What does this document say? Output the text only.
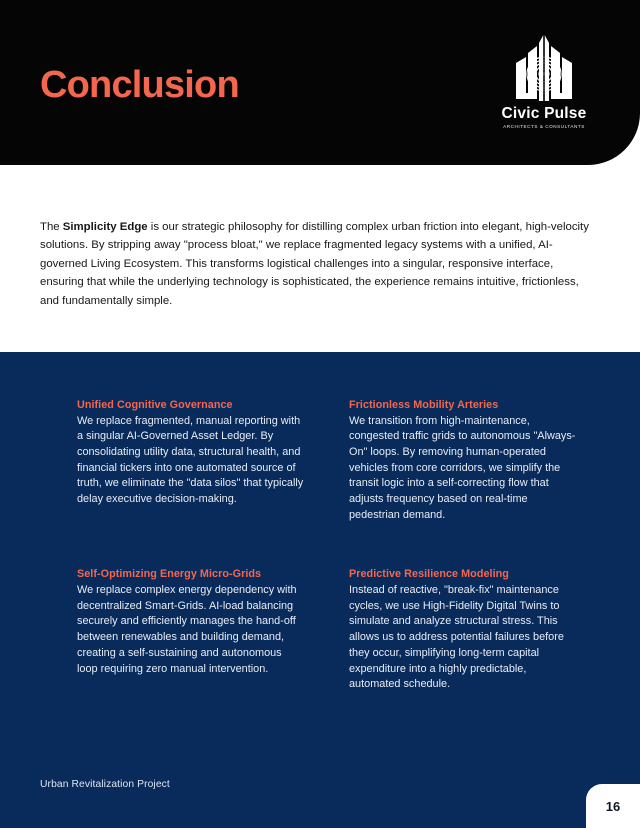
Conclusion
Civic Pulse
ARCHITECTS & CONSULTANTS

The Simplicity Edge is our strategic philosophy for distilling complex urban friction into elegant, high-velocity solutions. By stripping away "process bloat," we replace fragmented legacy systems with a unified, AI-governed Living Ecosystem. This transforms logistical challenges into a singular, responsive interface, ensuring that while the underlying technology is sophisticated, the experience remains intuitive, frictionless, and fundamentally simple.

Unified Cognitive Governance
We replace fragmented, manual reporting with a singular AI-Governed Asset Ledger. By consolidating utility data, structural health, and financial tickers into one automated source of truth, we eliminate the "data silos" that typically delay executive decision-making.
Frictionless Mobility Arteries
We transition from high-maintenance, congested traffic grids to autonomous "Always-On" loops. By removing human-operated vehicles from core corridors, we simplify the transit logic into a self-correcting flow that adjusts frequency based on real-time pedestrian demand.
Self-Optimizing Energy Micro-Grids
We replace complex energy dependency with decentralized Smart-Grids. AI-load balancing securely and efficiently manages the hand-off between renewables and building demand, creating a self-sustaining and autonomous loop requiring zero manual intervention.
Predictive Resilience Modeling
Instead of reactive, "break-fix" maintenance cycles, we use High-Fidelity Digital Twins to simulate and analyze structural stress. This allows us to address potential failures before they occur, simplifying long-term capital expenditure into a highly predictable, automated schedule.
Urban Revitalization Project
16
